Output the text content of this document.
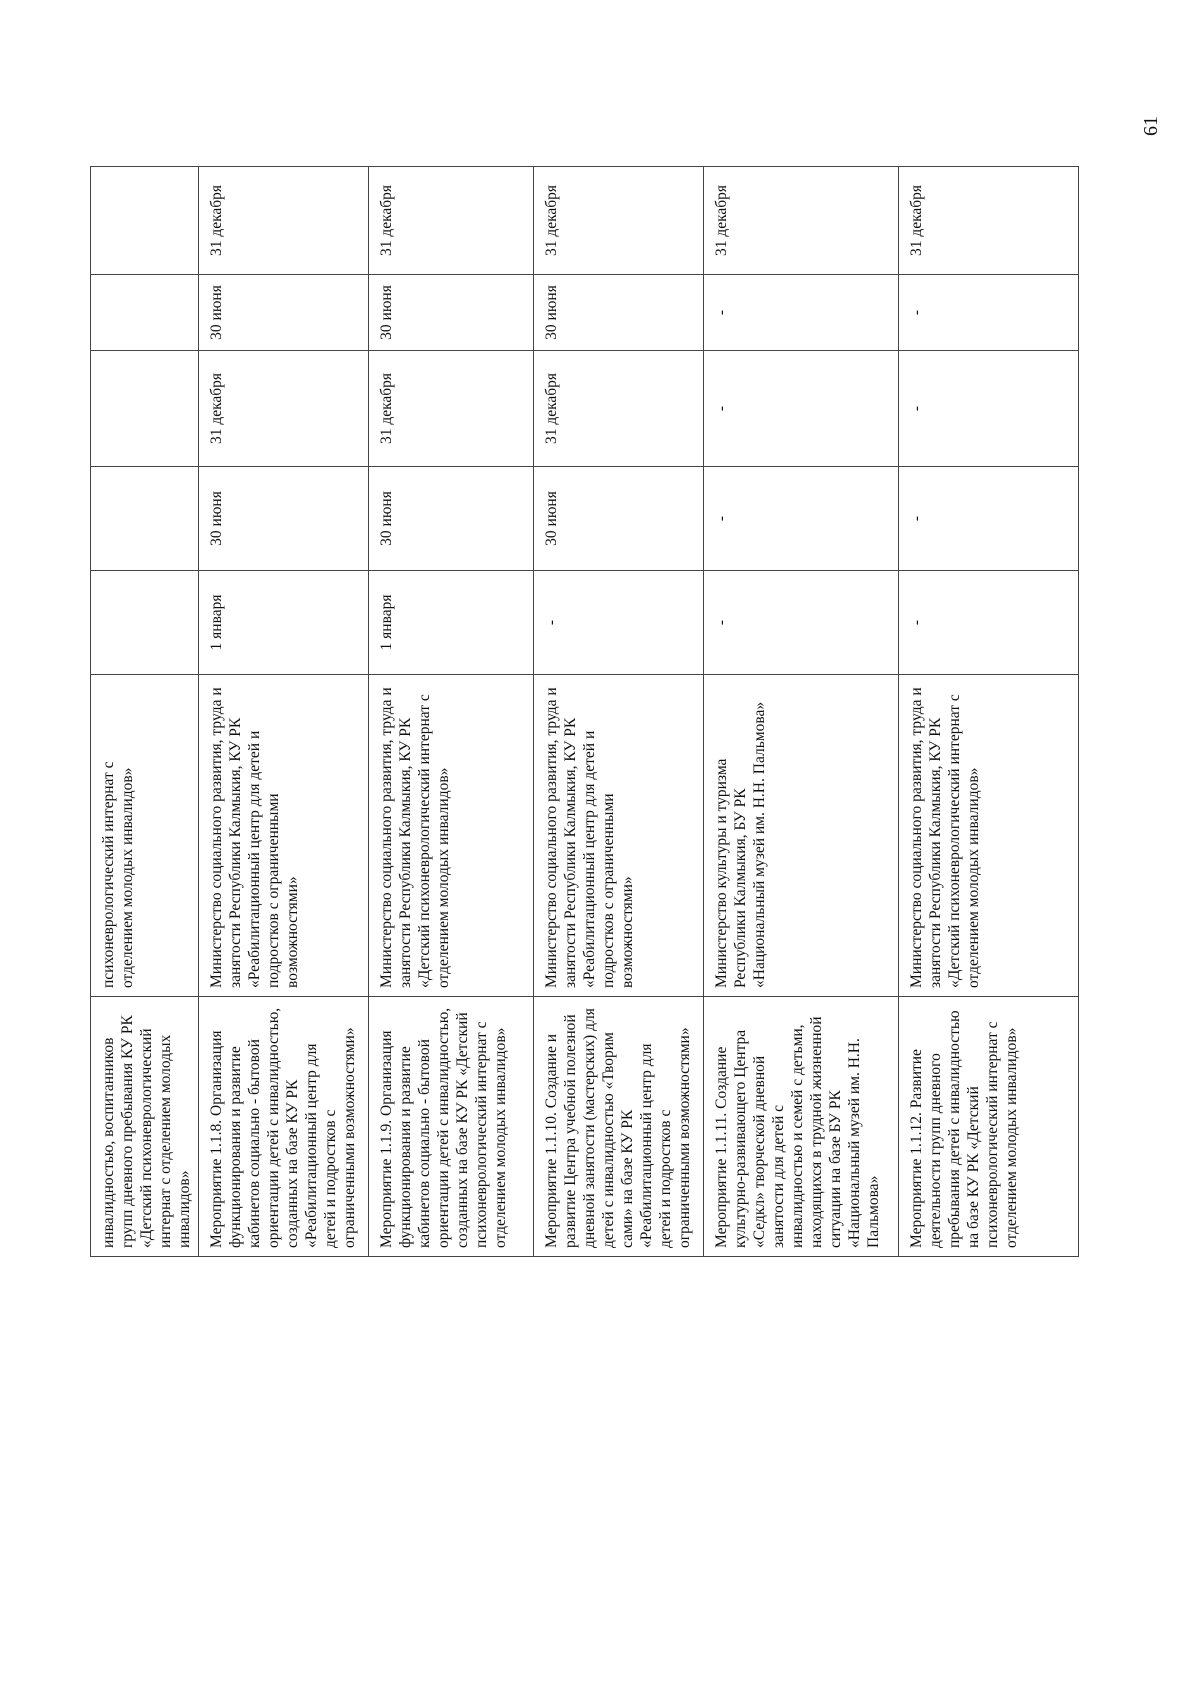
инвалидностью, воспитанников групп дневного пребывания КУ РК «Детский психоневрологический интернат с отделением молодых инвалидов»	психоневрологический интернат с отделением молодых инвалидов»					
Мероприятие 1.1.8. Организация функционирования и развитие кабинетов социально - бытовой ориентации детей с инвалидностью, созданных на базе КУ РК «Реабилитационный центр для детей и подростков с ограниченными возможностями»	Министерство социального развития, труда и занятости Республики Калмыкия, КУ РК «Реабилитационный центр для детей и подростков с ограниченными возможностями»	1 января	30 июня	31 декабря	30 июня	31 декабря
Мероприятие 1.1.9. Организация функционирования и развитие кабинетов социально - бытовой ориентации детей с инвалидностью, созданных на базе КУ РК «Детский психоневрологический интернат с отделением молодых инвалидов»	Министерство социального развития, труда и занятости Республики Калмыкия, КУ РК «Детский психоневрологический интернат с отделением молодых инвалидов»	1 января	30 июня	31 декабря	30 июня	31 декабря
Мероприятие 1.1.10. Создание и развитие Центра учебной полезной дневной занятости (мастерских) для детей с инвалидностью «Творим сами» на базе КУ РК «Реабилитационный центр для детей и подростков с ограниченными возможностями»	Министерство социального развития, труда и занятости Республики Калмыкия, КУ РК «Реабилитационный центр для детей и подростков с ограниченными возможностями»	-	30 июня	31 декабря	30 июня	31 декабря
Мероприятие 1.1.11. Создание культурно-развивающего Центра «Седкл» творческой дневной занятости для детей с инвалидностью и семей с детьми, находящихся в трудной жизненной ситуации на базе БУ РК «Национальный музей им. Н.Н. Пальмова»	Министерство культуры и туризма Республики Калмыкия, БУ РК «Национальный музей им. Н.Н. Пальмова»	-	-	-	-	31 декабря
Мероприятие 1.1.12. Развитие деятельности групп дневного пребывания детей с инвалидностью на базе КУ РК «Детский психоневрологический интернат с отделением молодых инвалидов»	Министерство социального развития, труда и занятости Республики Калмыкия, КУ РК «Детский психоневрологический интернат с отделением молодых инвалидов»	-	-	-	-	31 декабря
61
